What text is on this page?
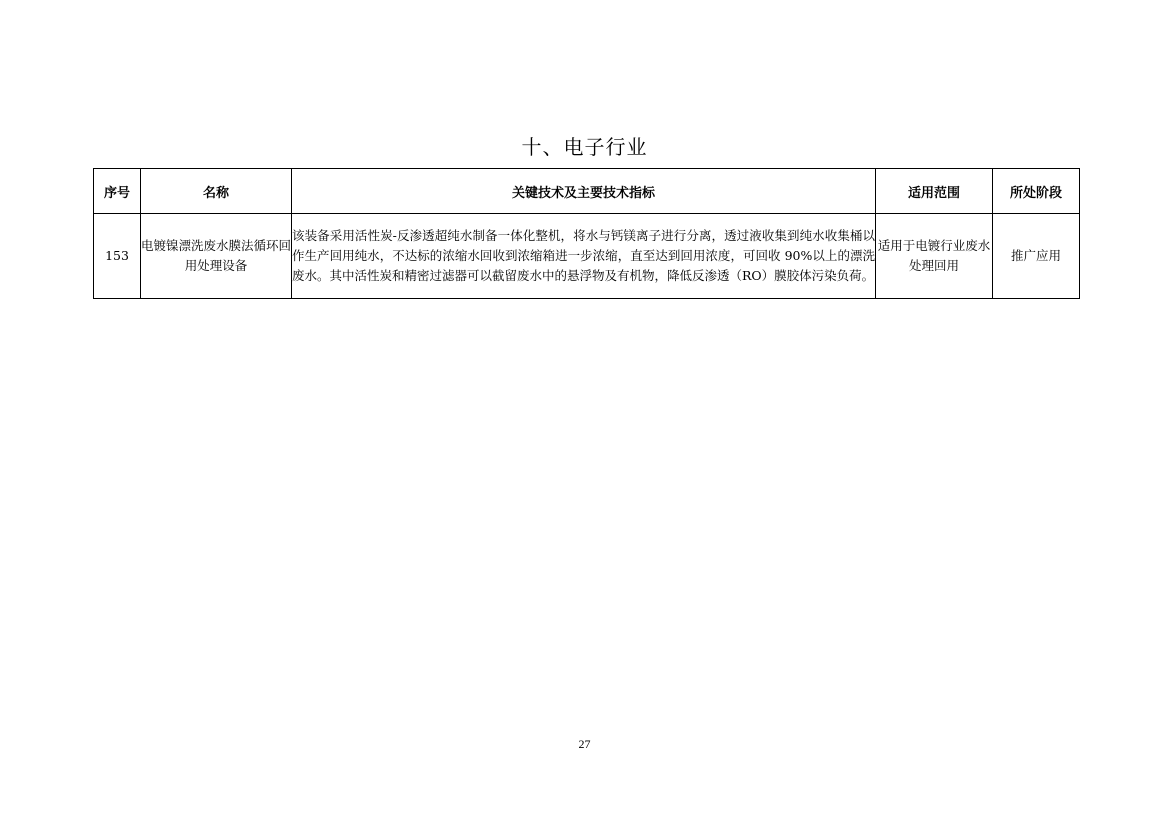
十、电子行业
序号	名称	关键技术及主要技术指标	适用范围	所处阶段
153	电镀镍漂洗废水膜法循环回用处理设备	该装备采用活性炭-反渗透超纯水制备一体化整机，将水与钙镁离子进行分离，透过液收集到纯水收集桶以作生产回用纯水，不达标的浓缩水回收到浓缩箱进一步浓缩，直至达到回用浓度，可回收 90%以上的漂洗废水。其中活性炭和精密过滤器可以截留废水中的悬浮物及有机物，降低反渗透（RO）膜胶体污染负荷。	适用于电镀行业废水处理回用	推广应用
27
